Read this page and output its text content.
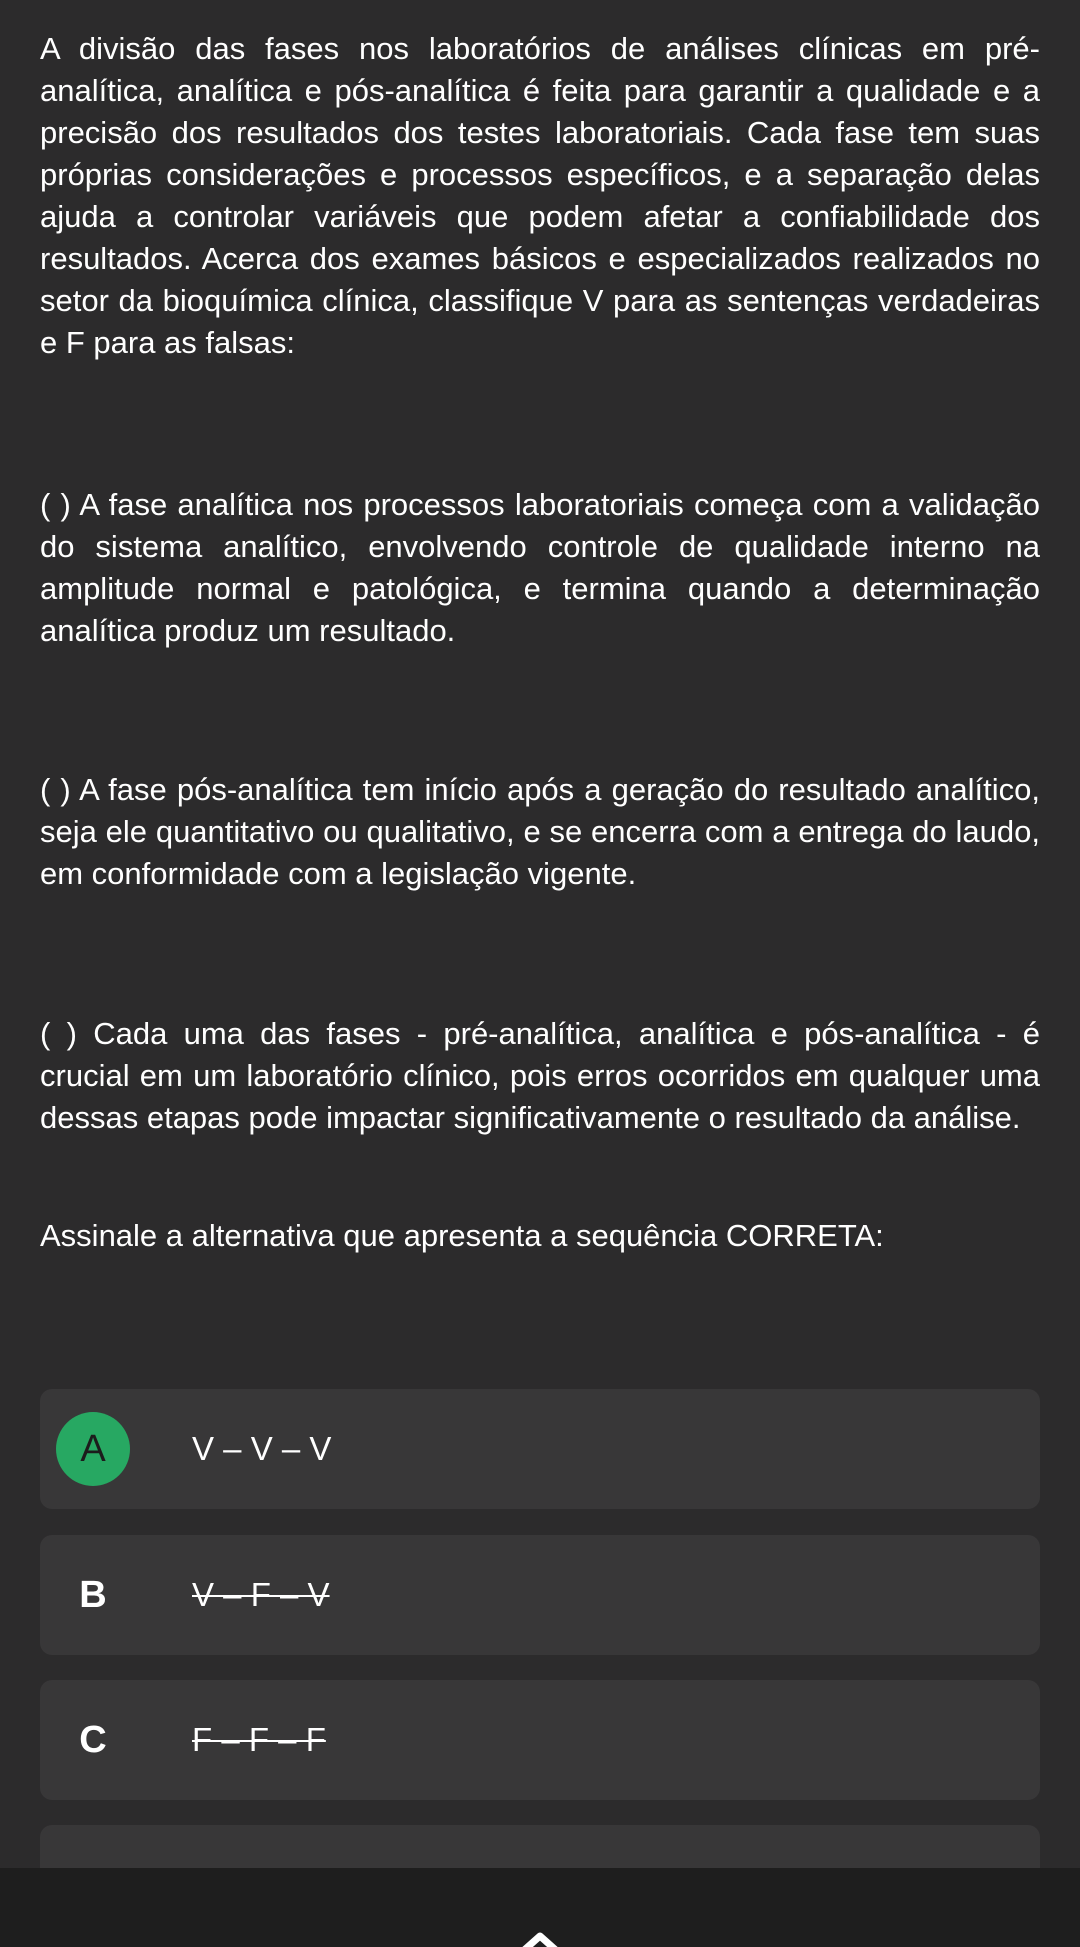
A divisão das fases nos laboratórios de análises clínicas em pré-analítica, analítica e pós-analítica é feita para garantir a qualidade e a precisão dos resultados dos testes laboratoriais. Cada fase tem suas próprias considerações e processos específicos, e a separação delas ajuda a controlar variáveis que podem afetar a confiabilidade dos resultados. Acerca dos exames básicos e especializados realizados no setor da bioquímica clínica, classifique V para as sentenças verdadeiras e F para as falsas:

( ) A fase analítica nos processos laboratoriais começa com a validação do sistema analítico, envolvendo controle de qualidade interno na amplitude normal e patológica, e termina quando a determinação analítica produz um resultado.

( ) A fase pós-analítica tem início após a geração do resultado analítico, seja ele quantitativo ou qualitativo, e se encerra com a entrega do laudo, em conformidade com a legislação vigente.

( ) Cada uma das fases - pré-analítica, analítica e pós-analítica - é crucial em um laboratório clínico, pois erros ocorridos em qualquer uma dessas etapas pode impactar significativamente o resultado da análise.

Assinale a alternativa que apresenta a sequência CORRETA:

A	V – V – V
B	V – F – V
C	F – F – F
